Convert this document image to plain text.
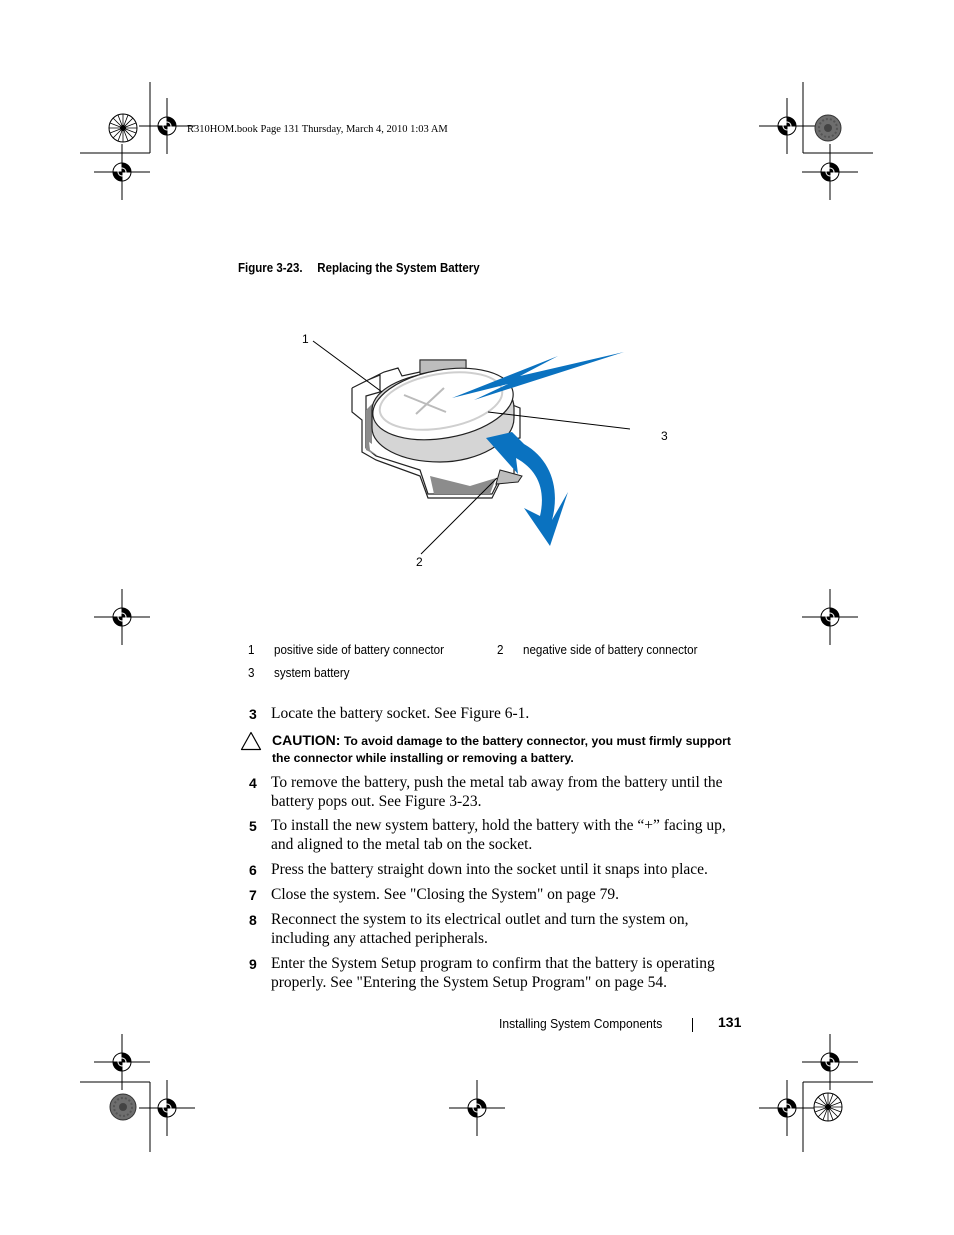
R310HOM.book Page 131 Thursday, March 4, 2010 1:03 AM
Figure 3-23. Replacing the System Battery
1
2
3
1 positive side of battery connector	2 negative side of battery connector
3 system battery
3 Locate the battery socket. See Figure 6-1.
CAUTION: To avoid damage to the battery connector, you must firmly support the connector while installing or removing a battery.
4 To remove the battery, push the metal tab away from the battery until the battery pops out. See Figure 3-23.
5 To install the new system battery, hold the battery with the “+” facing up, and aligned to the metal tab on the socket.
6 Press the battery straight down into the socket until it snaps into place.
7 Close the system. See "Closing the System" on page 79.
8 Reconnect the system to its electrical outlet and turn the system on, including any attached peripherals.
9 Enter the System Setup program to confirm that the battery is operating properly. See "Entering the System Setup Program" on page 54.
Installing System Components	131
